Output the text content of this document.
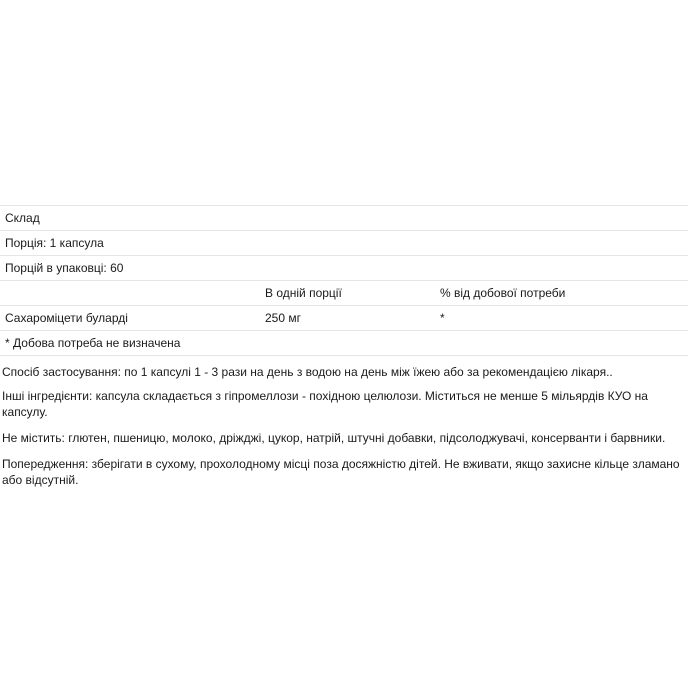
Склад		
Порція: 1 капсула		
Порцій в упаковці: 60		
	В одній порції	% від добової потреби
Сахароміцети буларді	250 мг	*
* Добова потреба не визначена		

Спосіб застосування: по 1 капсулі 1 - 3 рази на день з водою на день між їжею або за рекомендацією лікаря..

Інші інгредієнти: капсула складається з гіпромеллози - похідною целюлози. Міститься не менше 5 мільярдів КУО на капсулу.

Не містить: глютен, пшеницю, молоко, дріжджі, цукор, натрій, штучні добавки, підсолоджувачі, консерванти і барвники.

Попередження: зберігати в сухому, прохолодному місці поза досяжністю дітей. Не вживати, якщо захисне кільце зламано або відсутній.
